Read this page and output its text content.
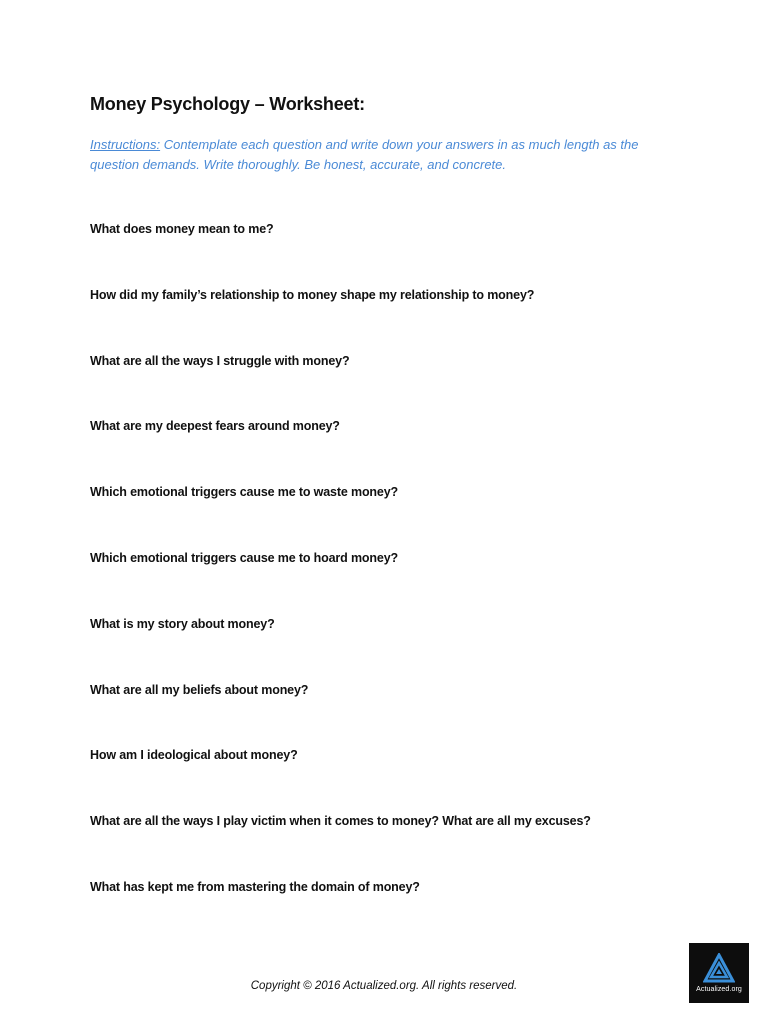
Money Psychology – Worksheet:

Instructions: Contemplate each question and write down your answers in as much length as the question demands. Write thoroughly. Be honest, accurate, and concrete.

What does money mean to me?

How did my family’s relationship to money shape my relationship to money?

What are all the ways I struggle with money?

What are my deepest fears around money?

Which emotional triggers cause me to waste money?

Which emotional triggers cause me to hoard money?

What is my story about money?

What are all my beliefs about money?

How am I ideological about money?

What are all the ways I play victim when it comes to money? What are all my excuses?

What has kept me from mastering the domain of money?

Copyright © 2016 Actualized.org. All rights reserved.	Actualized.org
